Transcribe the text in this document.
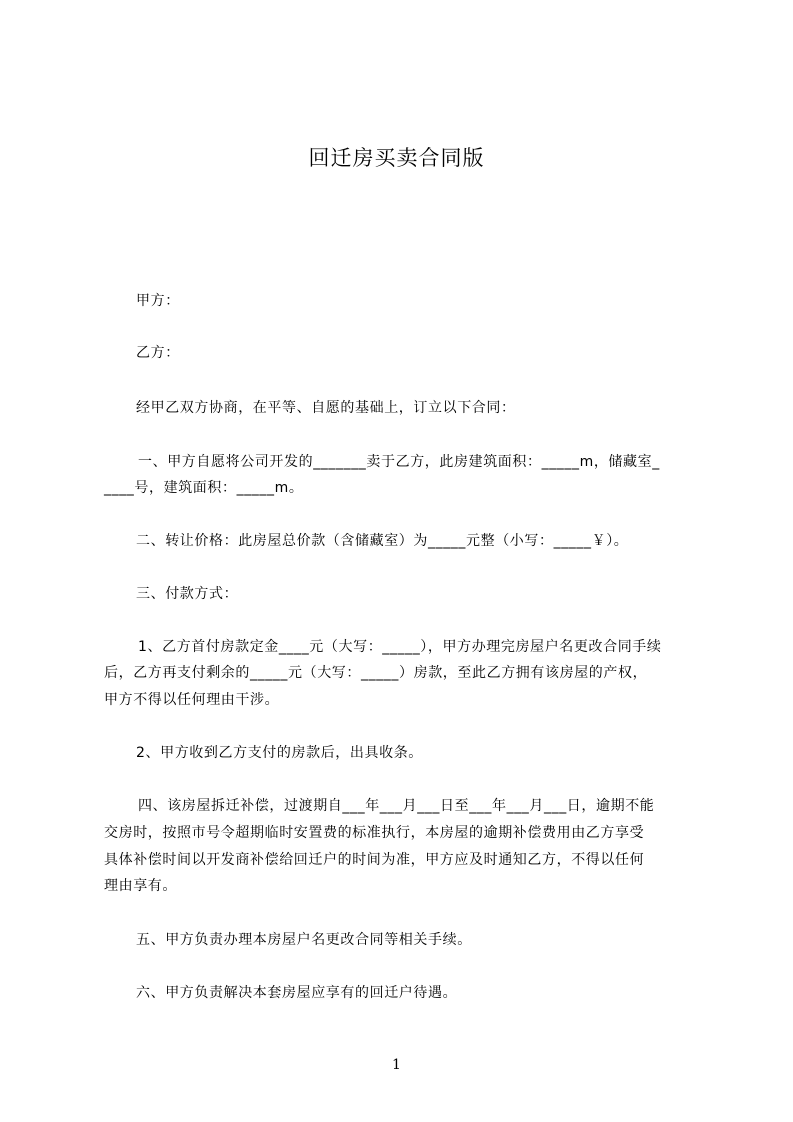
回迁房买卖合同版
甲方：
乙方：
经甲乙双方协商，在平等、自愿的基础上，订立以下合同：
一、甲方自愿将公司开发的_______卖于乙方，此房建筑面积：_____m，储藏室_
____号，建筑面积：_____m。
二、转让价格：此房屋总价款（含储藏室）为_____元整（小写：_____￥）。
三、付款方式：
1、乙方首付房款定金____元（大写：_____），甲方办理完房屋户名更改合同手续
后，乙方再支付剩余的_____元（大写：_____）房款，至此乙方拥有该房屋的产权，
甲方不得以任何理由干涉。
2、甲方收到乙方支付的房款后，出具收条。
四、该房屋拆迁补偿，过渡期自___年___月___日至___年___月___日，逾期不能
交房时，按照市号令超期临时安置费的标准执行，本房屋的逾期补偿费用由乙方享受
具体补偿时间以开发商补偿给回迁户的时间为准，甲方应及时通知乙方，不得以任何
理由享有。
五、甲方负责办理本房屋户名更改合同等相关手续。
六、甲方负责解决本套房屋应享有的回迁户待遇。
1
